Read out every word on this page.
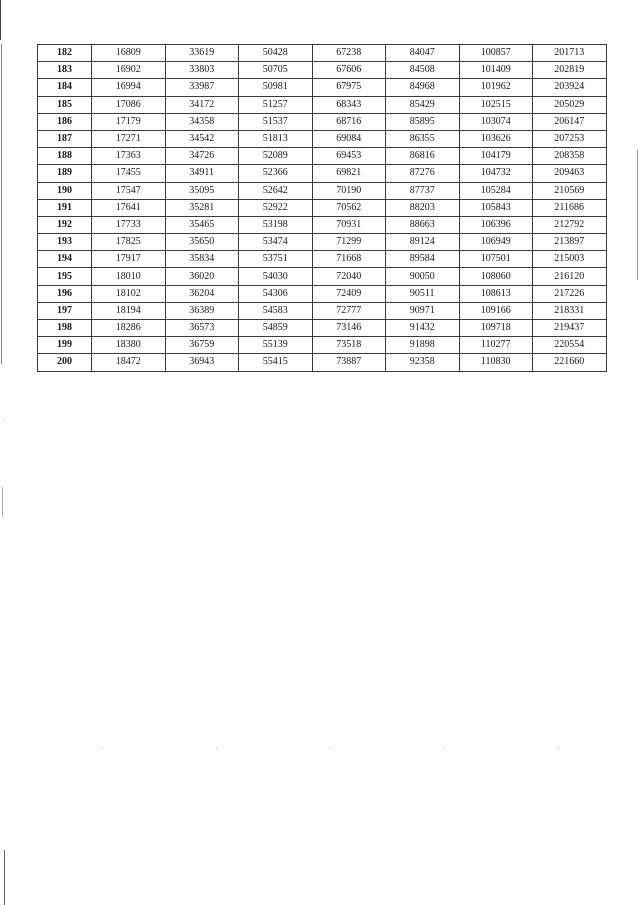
182	16809	33619	50428	67238	84047	100857	201713
183	16902	33803	50705	67606	84508	101409	202819
184	16994	33987	50981	67975	84968	101962	203924
185	17086	34172	51257	68343	85429	102515	205029
186	17179	34358	51537	68716	85895	103074	206147
187	17271	34542	51813	69084	86355	103626	207253
188	17363	34726	52089	69453	86816	104179	208358
189	17455	34911	52366	69821	87276	104732	209463
190	17547	35095	52642	70190	87737	105284	210569
191	17641	35281	52922	70562	88203	105843	211686
192	17733	35465	53198	70931	88663	106396	212792
193	17825	35650	53474	71299	89124	106949	213897
194	17917	35834	53751	71668	89584	107501	215003
195	18010	36020	54030	72040	90050	108060	216120
196	18102	36204	54306	72409	90511	108613	217226
197	18194	36389	54583	72777	90971	109166	218331
198	18286	36573	54859	73146	91432	109718	219437
199	18380	36759	55139	73518	91898	110277	220554
200	18472	36943	55415	73887	92358	110830	221660
